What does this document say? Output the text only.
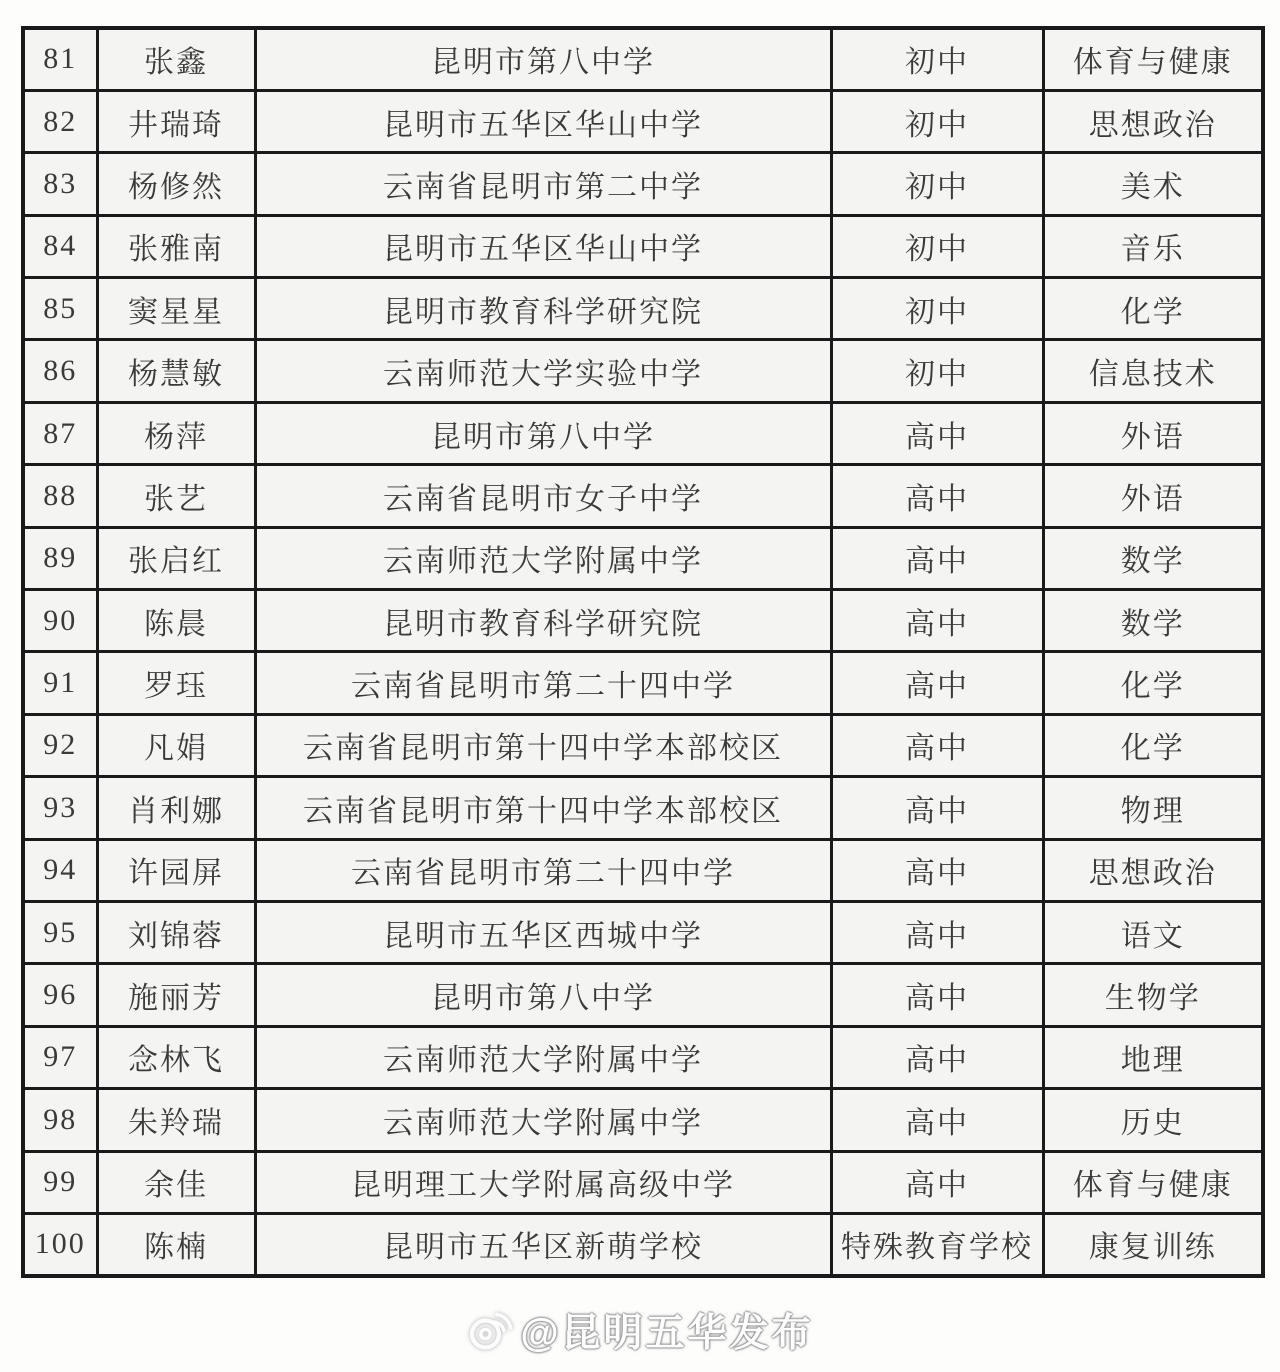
81	张鑫	昆明市第八中学	初中	体育与健康
82	井瑞琦	昆明市五华区华山中学	初中	思想政治
83	杨修然	云南省昆明市第二中学	初中	美术
84	张雅南	昆明市五华区华山中学	初中	音乐
85	窦星星	昆明市教育科学研究院	初中	化学
86	杨慧敏	云南师范大学实验中学	初中	信息技术
87	杨萍	昆明市第八中学	高中	外语
88	张艺	云南省昆明市女子中学	高中	外语
89	张启红	云南师范大学附属中学	高中	数学
90	陈晨	昆明市教育科学研究院	高中	数学
91	罗珏	云南省昆明市第二十四中学	高中	化学
92	凡娟	云南省昆明市第十四中学本部校区	高中	化学
93	肖利娜	云南省昆明市第十四中学本部校区	高中	物理
94	许园屏	云南省昆明市第二十四中学	高中	思想政治
95	刘锦蓉	昆明市五华区西城中学	高中	语文
96	施丽芳	昆明市第八中学	高中	生物学
97	念林飞	云南师范大学附属中学	高中	地理
98	朱羚瑞	云南师范大学附属中学	高中	历史
99	余佳	昆明理工大学附属高级中学	高中	体育与健康
100	陈楠	昆明市五华区新萌学校	特殊教育学校	康复训练
@昆明五华发布
